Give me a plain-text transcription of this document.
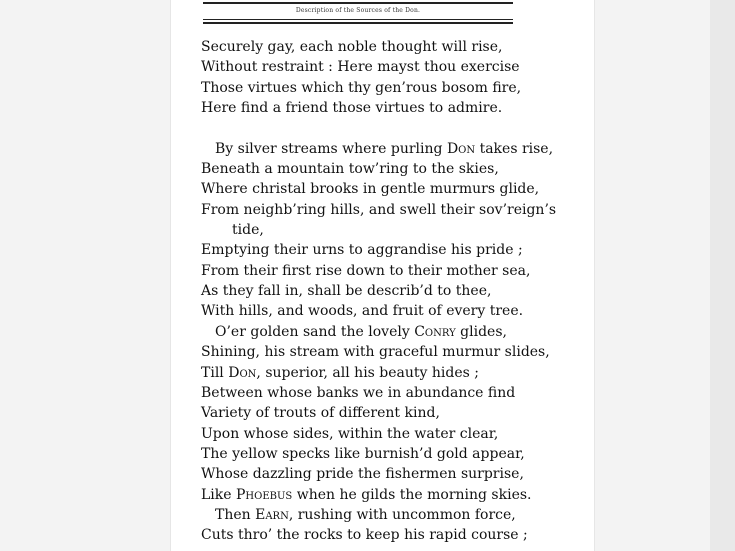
Description of the Sources of the Don.
Securely gay, each noble thought will rise,
Without restraint : Here mayst thou exercise
Those virtues which thy gen’rous bosom fire,
Here find a friend those virtues to admire.
By silver streams where purling Don takes rise,
Beneath a mountain tow’ring to the skies,
Where christal brooks in gentle murmurs glide,
From neighb’ring hills, and swell their sov’reign’s
tide,
Emptying their urns to aggrandise his pride ;
From their first rise down to their mother sea,
As they fall in, shall be describ’d to thee,
With hills, and woods, and fruit of every tree.
O’er golden sand the lovely Conry glides,
Shining, his stream with graceful murmur slides,
Till Don, superior, all his beauty hides ;
Between whose banks we in abundance find
Variety of trouts of different kind,
Upon whose sides, within the water clear,
The yellow specks like burnish’d gold appear,
Whose dazzling pride the fishermen surprise,
Like Phoebus when he gilds the morning skies.
Then Earn, rushing with uncommon force,
Cuts thro’ the rocks to keep his rapid course ;
